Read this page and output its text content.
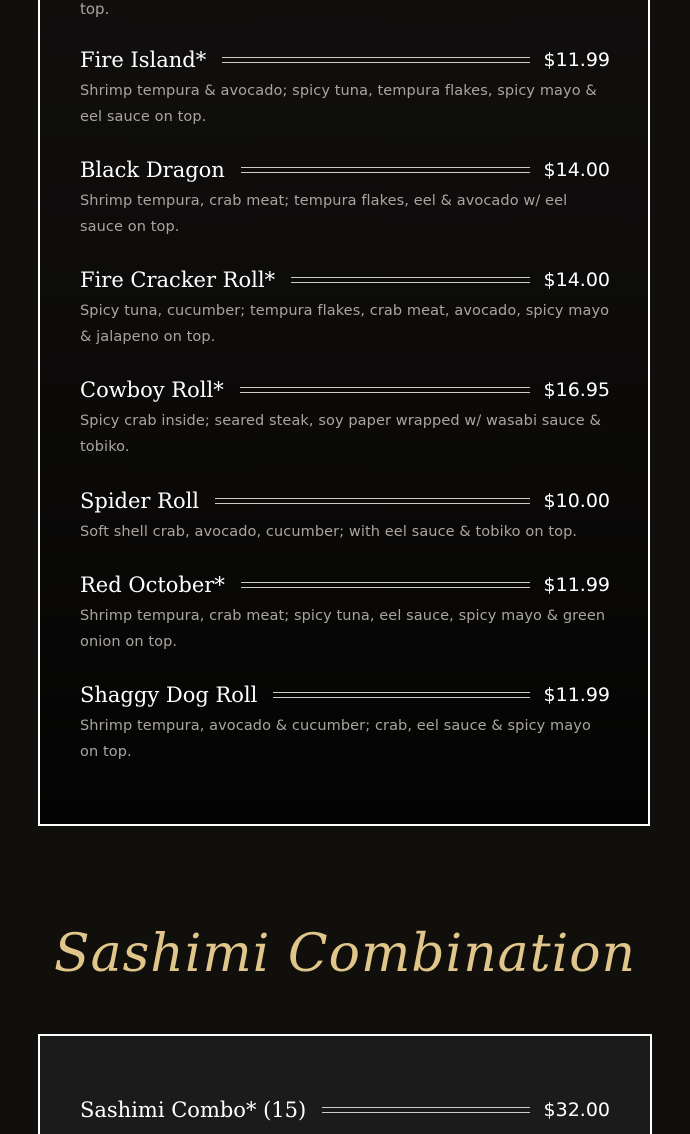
top.
Fire Island*	$11.99
Shrimp tempura & avocado; spicy tuna, tempura flakes, spicy mayo & eel sauce on top.
Black Dragon	$14.00
Shrimp tempura, crab meat; tempura flakes, eel & avocado w/ eel sauce on top.
Fire Cracker Roll*	$14.00
Spicy tuna, cucumber; tempura flakes, crab meat, avocado, spicy mayo & jalapeno on top.
Cowboy Roll*	$16.95
Spicy crab inside; seared steak, soy paper wrapped w/ wasabi sauce & tobiko.
Spider Roll	$10.00
Soft shell crab, avocado, cucumber; with eel sauce & tobiko on top.
Red October*	$11.99
Shrimp tempura, crab meat; spicy tuna, eel sauce, spicy mayo & green onion on top.
Shaggy Dog Roll	$11.99
Shrimp tempura, avocado & cucumber; crab, eel sauce & spicy mayo on top.
Sashimi Combination
Sashimi Combo* (15)	$32.00
